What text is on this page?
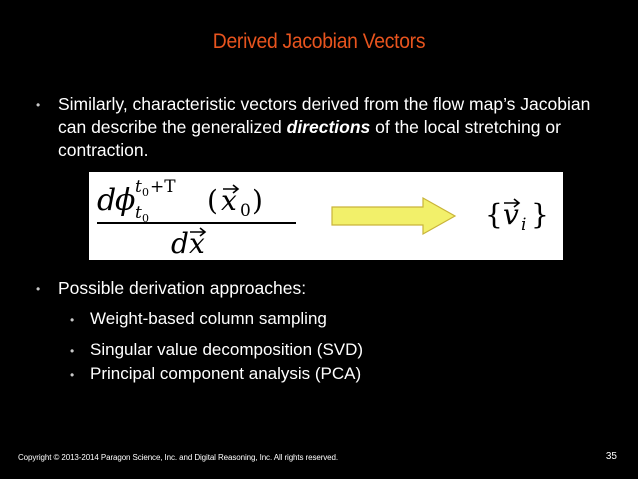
Derived Jacobian Vectors
•	Similarly, characteristic vectors derived from the flow map’s Jacobian can describe the generalized directions of the local stretching or contraction.
d
ϕ t 0 +T
t 0
( x 0 )
d x
{ v i }
•	Possible derivation approaches:
• Weight-based column sampling
• Singular value decomposition (SVD)
• Principal component analysis (PCA)
Copyright © 2013-2014 Paragon Science, Inc. and Digital Reasoning, Inc. All rights reserved.	35
